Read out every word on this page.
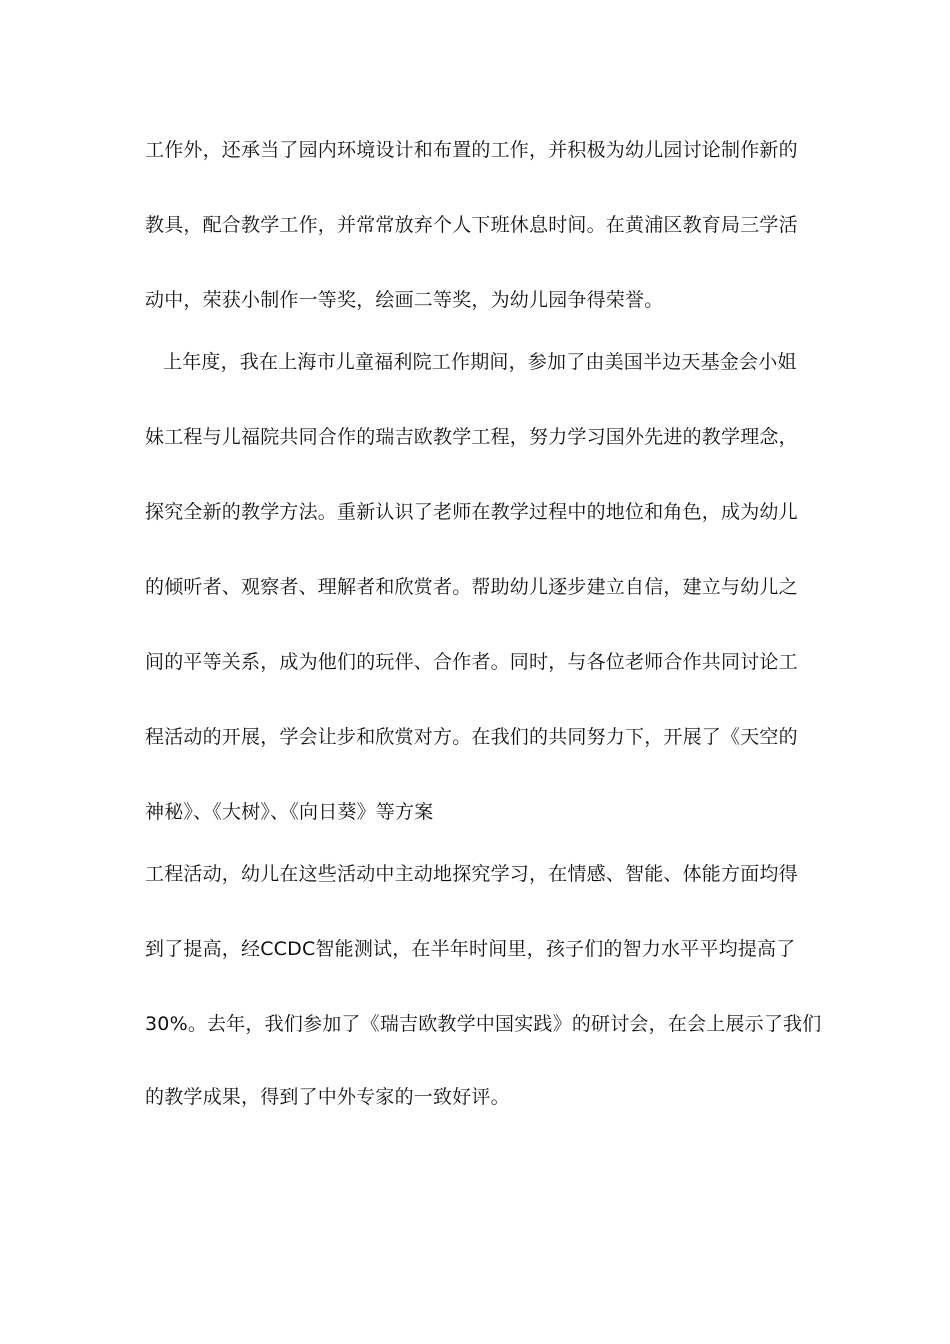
工作外，还承当了园内环境设计和布置的工作，并积极为幼儿园讨论制作新的
教具，配合教学工作，并常常放弃个人下班休息时间。在黄浦区教育局三学活
动中，荣获小制作一等奖，绘画二等奖，为幼儿园争得荣誉。
上年度，我在上海市儿童福利院工作期间，参加了由美国半边天基金会小姐
妹工程与儿福院共同合作的瑞吉欧教学工程，努力学习国外先进的教学理念，
探究全新的教学方法。重新认识了老师在教学过程中的地位和角色，成为幼儿
的倾听者、观察者、理解者和欣赏者。帮助幼儿逐步建立自信，建立与幼儿之
间的平等关系，成为他们的玩伴、合作者。同时，与各位老师合作共同讨论工
程活动的开展，学会让步和欣赏对方。在我们的共同努力下，开展了《天空的
神秘》、《大树》、《向日葵》等方案
工程活动，幼儿在这些活动中主动地探究学习，在情感、智能、体能方面均得
到了提高，经CCDC智能测试，在半年时间里，孩子们的智力水平平均提高了
30%。去年，我们参加了《瑞吉欧教学中国实践》的研讨会，在会上展示了我们
的教学成果，得到了中外专家的一致好评。
